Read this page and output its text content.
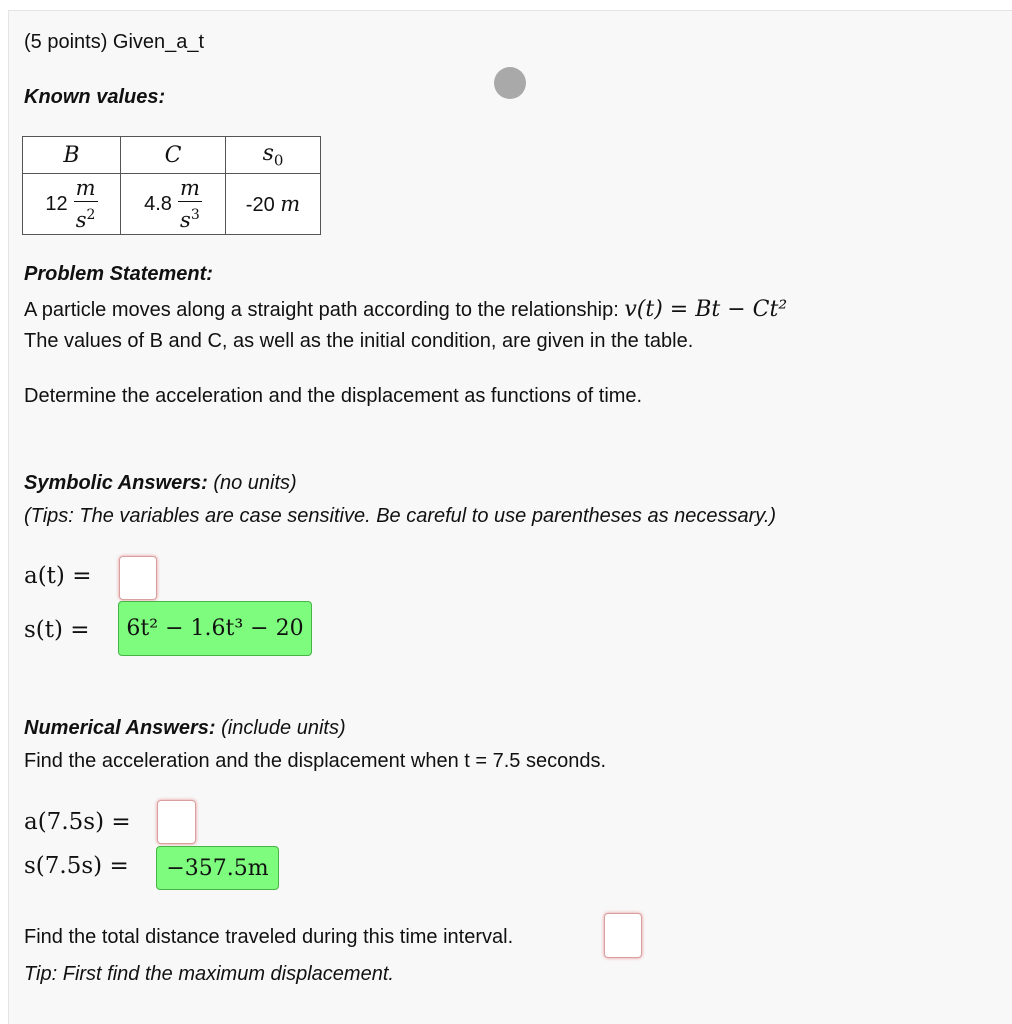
(5 points) Given_a_t
Known values:
B	C	$s_0$
$12 \frac{m}{s^2}$	$4.8 \frac{m}{s^3}$	-20 m
Problem Statement:
A particle moves along a straight path according to the relationship: v(t) = Bt − Ct²
The values of B and C, as well as the initial condition, are given in the table.
Determine the acceleration and the displacement as functions of time.
Symbolic Answers: (no units)
(Tips: The variables are case sensitive. Be careful to use parentheses as necessary.)
a(t) =
s(t) =	6t² − 1.6t³ − 20
Numerical Answers: (include units)
Find the acceleration and the displacement when t = 7.5 seconds.
a(7.5s) =
s(7.5s) =	−357.5m
Find the total distance traveled during this time interval.
Tip: First find the maximum displacement.
